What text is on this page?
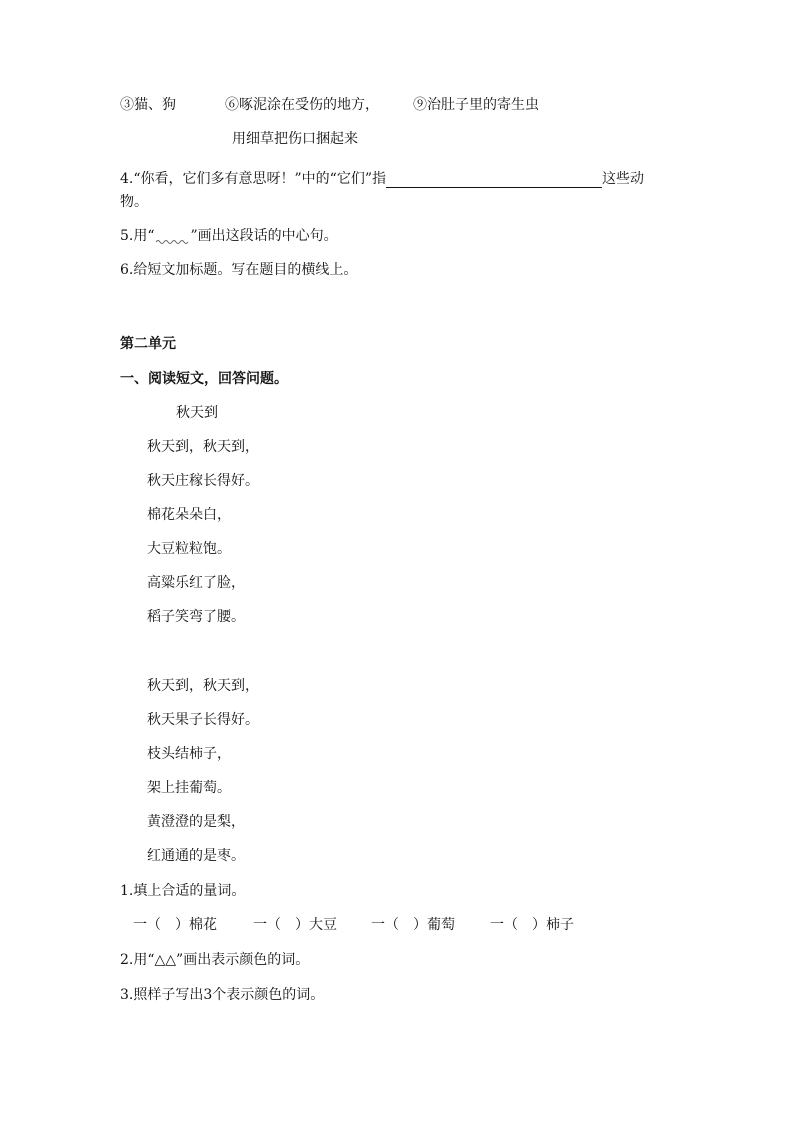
③猫、狗	⑥啄泥涂在受伤的地方， ⑨治肚子里的寄生虫
用细草把伤口捆起来
4.“你看，它们多有意思呀！”中的“它们”指	这些动
物。
5.用“	”画出这段话的中心句。
6.给短文加标题。写在题目的横线上。
第二单元
一、阅读短文，回答问题。
秋天到
秋天到，秋天到，
秋天庄稼长得好。
棉花朵朵白，
大豆粒粒饱。
高粱乐红了脸，
稻子笑弯了腰。
秋天到，秋天到，
秋天果子长得好。
枝头结柿子，
架上挂葡萄。
黄澄澄的是梨，
红通通的是枣。
1.填上合适的量词。
一（ ）棉花	一（ ）大豆 一（ ）葡萄	一（ ）柿子
2.用“△△”画出表示颜色的词。
3.照样子写出3个表示颜色的词。
